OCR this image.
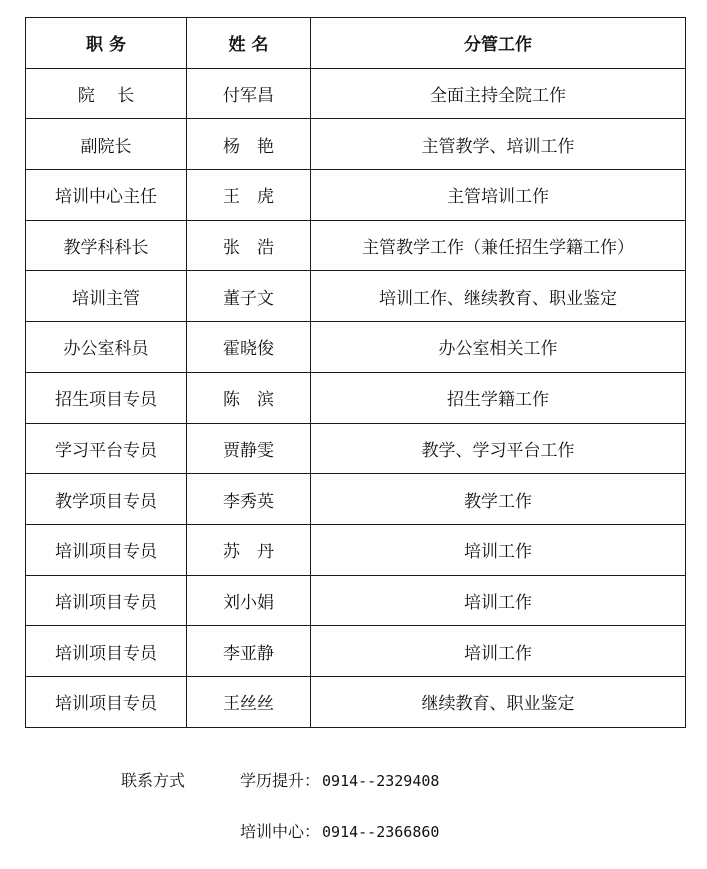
职 务	姓 名	分管工作
院　 长	付军昌	全面主持全院工作
副院长	杨　艳	主管教学、培训工作
培训中心主任	王　虎	主管培训工作
教学科科长	张　浩	主管教学工作（兼任招生学籍工作）
培训主管	董子文	培训工作、继续教育、职业鉴定
办公室科员	霍晓俊	办公室相关工作
招生项目专员	陈　滨	招生学籍工作
学习平台专员	贾静雯	教学、学习平台工作
教学项目专员	李秀英	教学工作
培训项目专员	苏　丹	培训工作
培训项目专员	刘小娟	培训工作
培训项目专员	李亚静	培训工作
培训项目专员	王丝丝	继续教育、职业鉴定
联系方式	学历提升： 0914--2329408
培训中心： 0914--2366860
